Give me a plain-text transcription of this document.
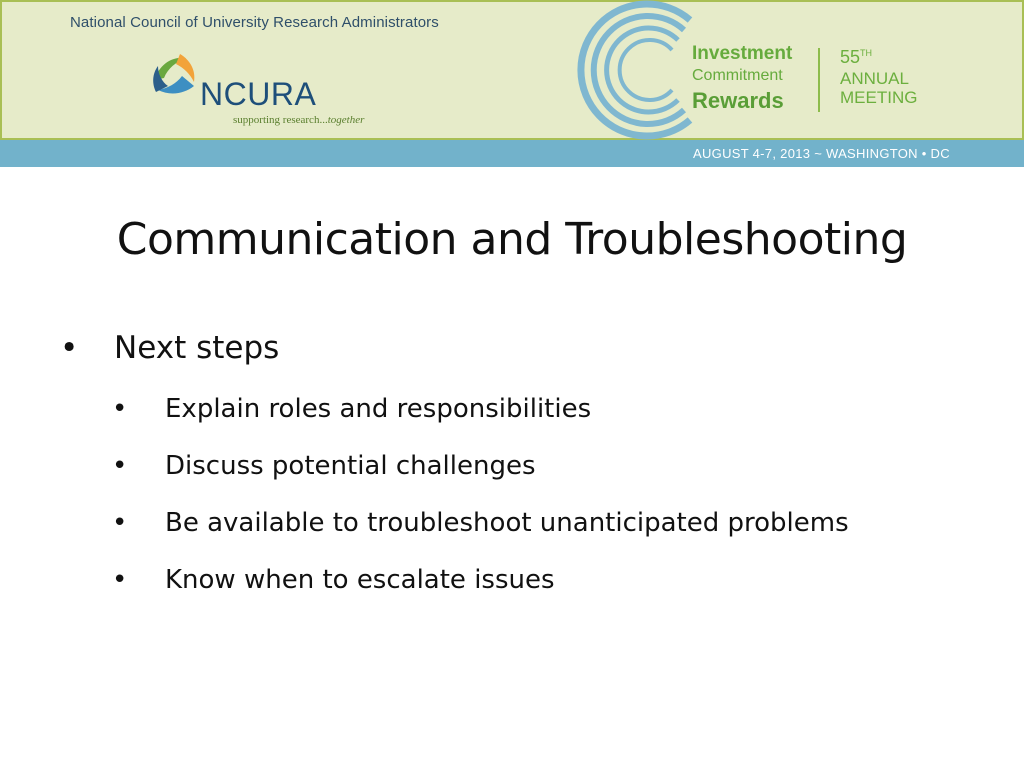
National Council of University Research Administrators
NCURA
supporting research...together
Investment
Commitment
Rewards
55TH
ANNUAL
MEETING
AUGUST 4-7, 2013 ~ WASHINGTON • DC
Communication and Troubleshooting
• Next steps
• Explain roles and responsibilities
• Discuss potential challenges
• Be available to troubleshoot unanticipated problems
• Know when to escalate issues
